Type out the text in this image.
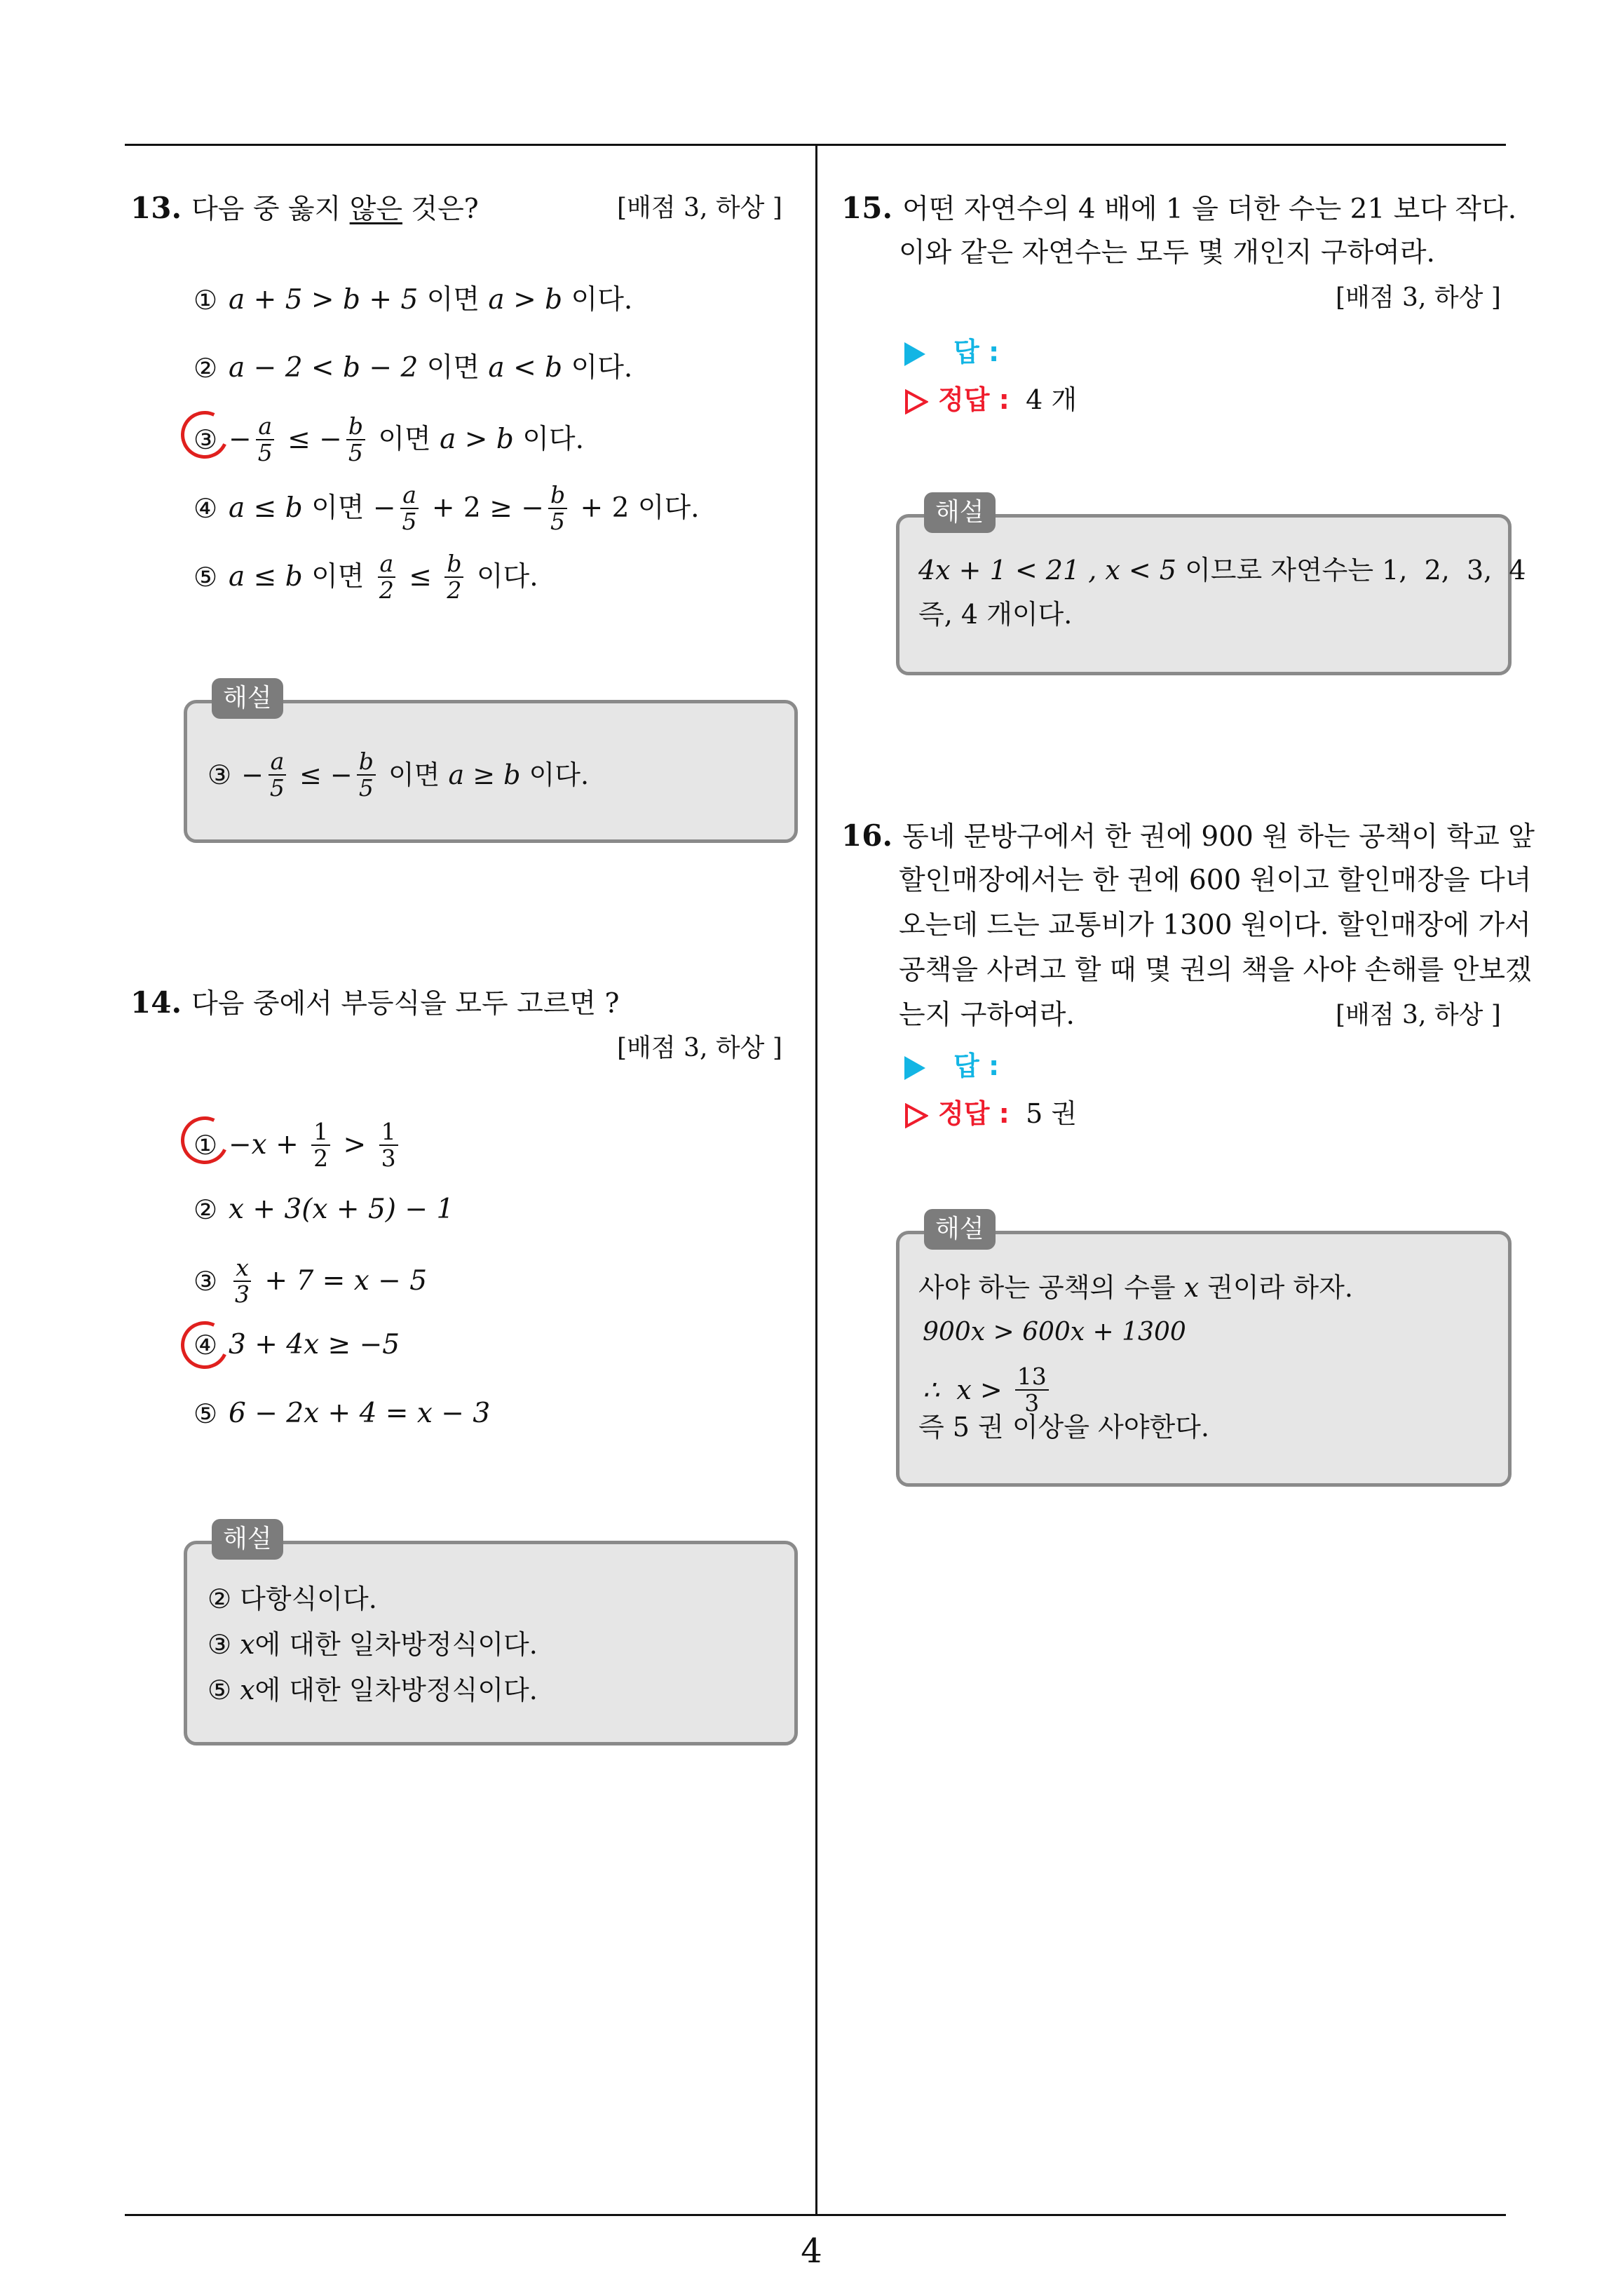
13. 다음 중 옳지 않은 것은?	[배점 3, 하상 ]
① a + 5 > b + 5 이면 a > b 이다.
② a − 2 < b − 2 이면 a < b 이다.
③ − $\frac{a}{5}$ ≤ − $\frac{b}{5}$ 이면 a > b 이다.
④ a ≤ b 이면 − $\frac{a}{5} + 2$ ≥ − $\frac{b}{5} + 2$ 이다.
⑤ a ≤ b 이면 $\frac{a}{2} \le \frac{b}{2}$ 이다.
해설
③ − $\frac{a}{5}$ ≤ − $\frac{b}{5}$ 이면 a ≥ b 이다.
14. 다음 중에서 부등식을 모두 고르면 ?
[배점 3, 하상 ]
① $-x + \frac{1}{2} > \frac{1}{3}$
② x + 3(x + 5) − 1
③ $\frac{x}{3} + 7 = x - 5$
④ 3 + 4x ≥ −5
⑤ 6 − 2x + 4 = x − 3
해설
② 다항식이다.
③ x 에 대한 일차방정식이다.
⑤ x 에 대한 일차방정식이다.
15. 어떤 자연수의 4 배에 1 을 더한 수는 21 보다 작다.
이와 같은 자연수는 모두 몇 개인지 구하여라.
[배점 3, 하상 ]
답 :
정답 : 4 개
해설
4x + 1 < 21 , x < 5 이므로 자연수는 1,  2,  3,  4
즉, 4 개이다.
16. 동네 문방구에서 한 권에 900 원 하는 공책이 학교 앞
할인매장에서는 한 권에 600 원이고 할인매장을 다녀
오는데 드는 교통비가 1300 원이다. 할인매장에 가서
공책을 사려고 할 때 몇 권의 책을 사야 손해를 안보겠
는지 구하여라.	[배점 3, 하상 ]
답 :
정답 : 5 권
해설
사야 하는 공책의 수를 x 권이라 하자.
900x > 600x + 1300
∴  $x > \frac{13}{3}$
즉 5 권 이상을 사야한다.
4
